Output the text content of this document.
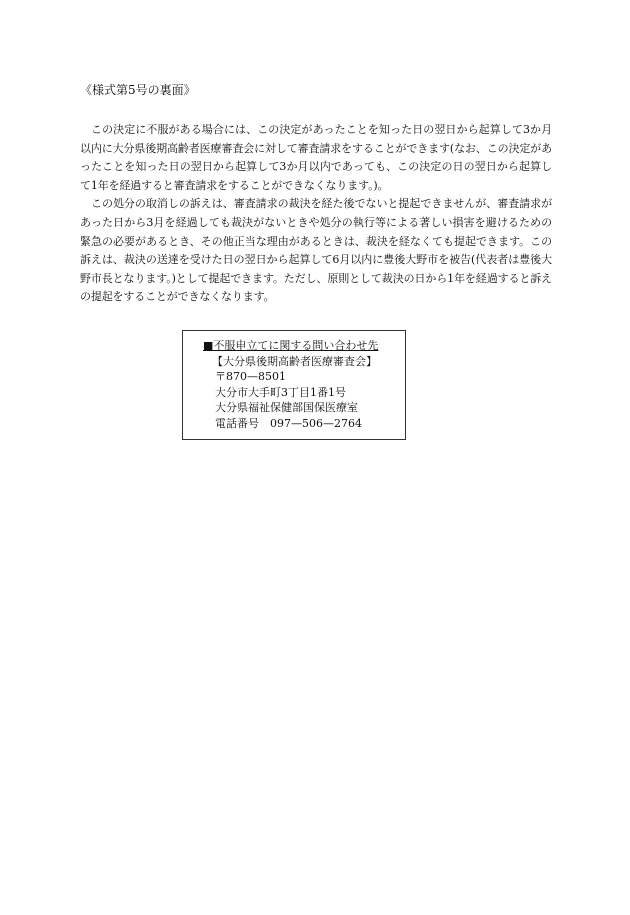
《様式第5号の裏面》

この決定に不服がある場合には、この決定があったことを知った日の翌日から起算して3か月以内に大分県後期高齢者医療審査会に対して審査請求をすることができます(なお、この決定があったことを知った日の翌日から起算して3か月以内であっても、この決定の日の翌日から起算して1年を経過すると審査請求をすることができなくなります。)。

この処分の取消しの訴えは、審査請求の裁決を経た後でないと提起できませんが、審査請求があった日から3月を経過しても裁決がないときや処分の執行等による著しい損害を避けるための緊急の必要があるとき、その他正当な理由があるときは、裁決を経なくても提起できます。この訴えは、裁決の送達を受けた日の翌日から起算して6月以内に豊後大野市を被告(代表者は豊後大野市長となります。)として提起できます。ただし、原則として裁決の日から1年を経過すると訴えの提起をすることができなくなります。

■不服申立てに関する問い合わせ先
【大分県後期高齢者医療審査会】
〒870—8501
大分市大手町3丁目1番1号
大分県福祉保健部国保医療室
電話番号　097—506—2764
